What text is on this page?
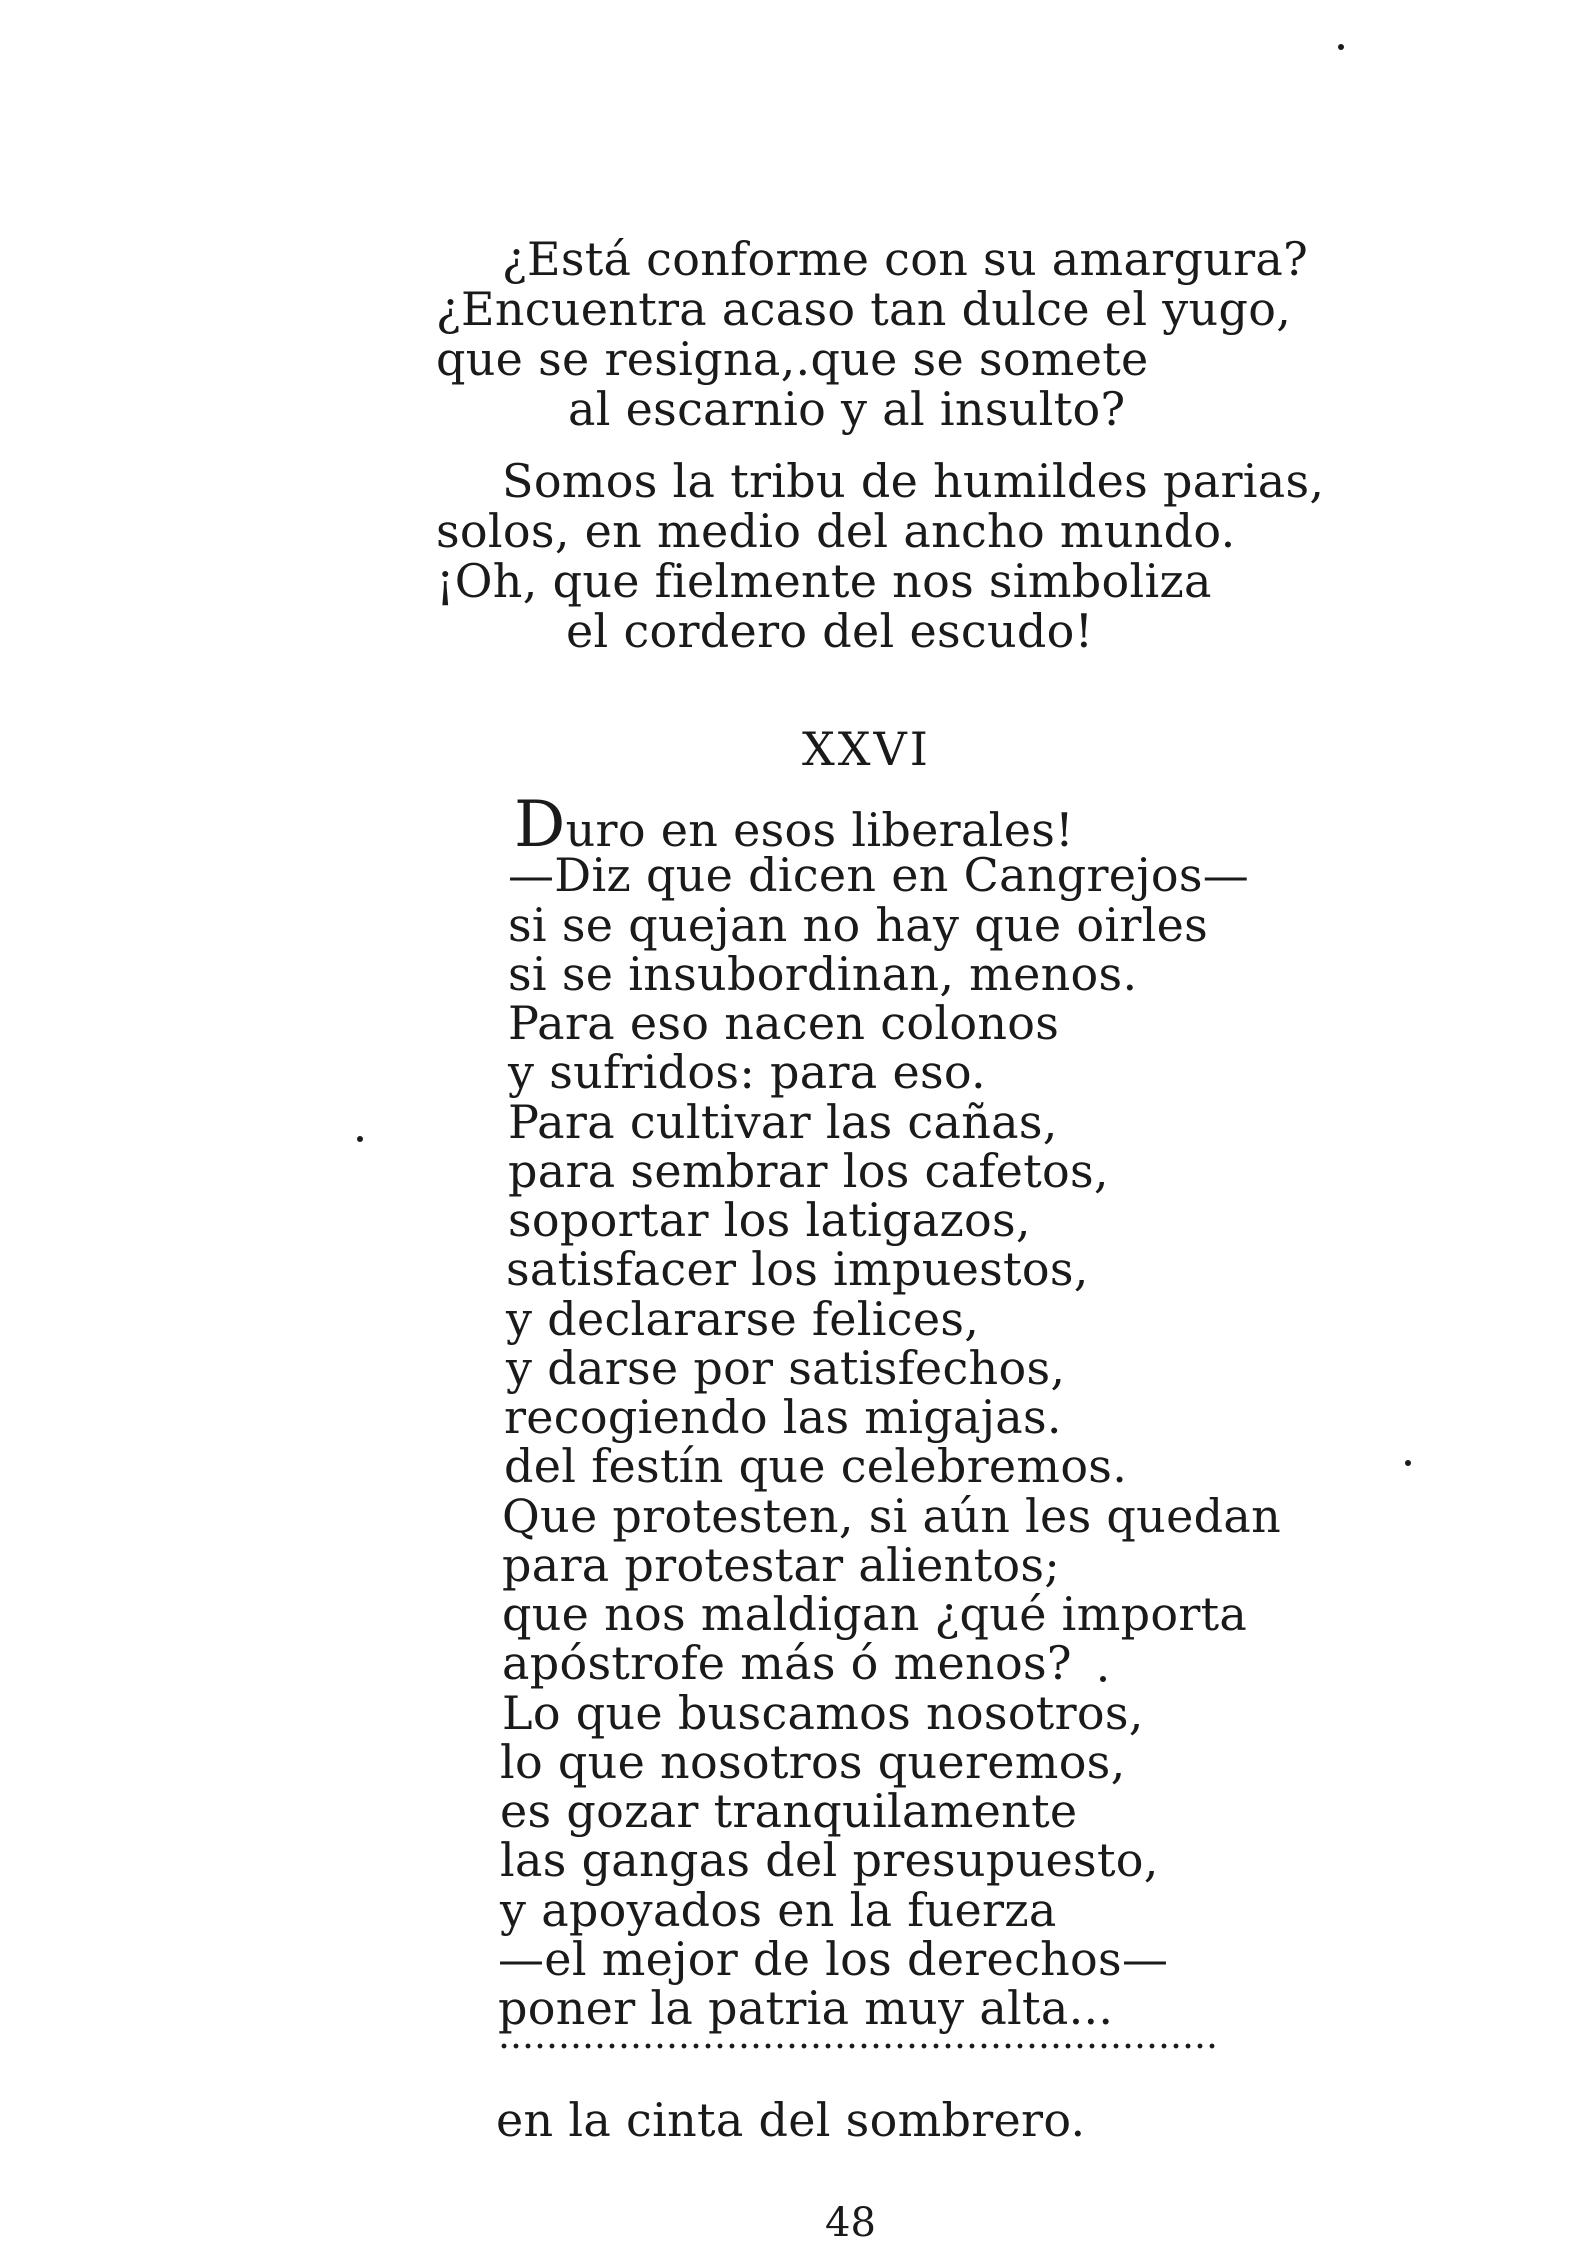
¿Está conforme con su amargura?
¿Encuentra acaso tan dulce el yugo,
que se resigna,.que se somete
al escarnio y al insulto?
Somos la tribu de humildes parias,
solos, en medio del ancho mundo.
¡Oh, que fielmente nos simboliza
el cordero del escudo!
XXVI
Duro en esos liberales!
—Diz que dicen en Cangrejos—
si se quejan no hay que oirles
si se insubordinan, menos.
Para eso nacen colonos
y sufridos: para eso.
Para cultivar las cañas,
para sembrar los cafetos,
soportar los latigazos,
satisfacer los impuestos,
y declararse felices,
y darse por satisfechos,
recogiendo las migajas.
del festín que celebremos.
Que protesten, si aún les quedan
para protestar alientos;
que nos maldigan ¿qué importa
apóstrofe más ó menos?
Lo que buscamos nosotros,
lo que nosotros queremos,
es gozar tranquilamente
las gangas del presupuesto,
y apoyados en la fuerza
—el mejor de los derechos—
poner la patria muy alta...
en la cinta del sombrero.
48
